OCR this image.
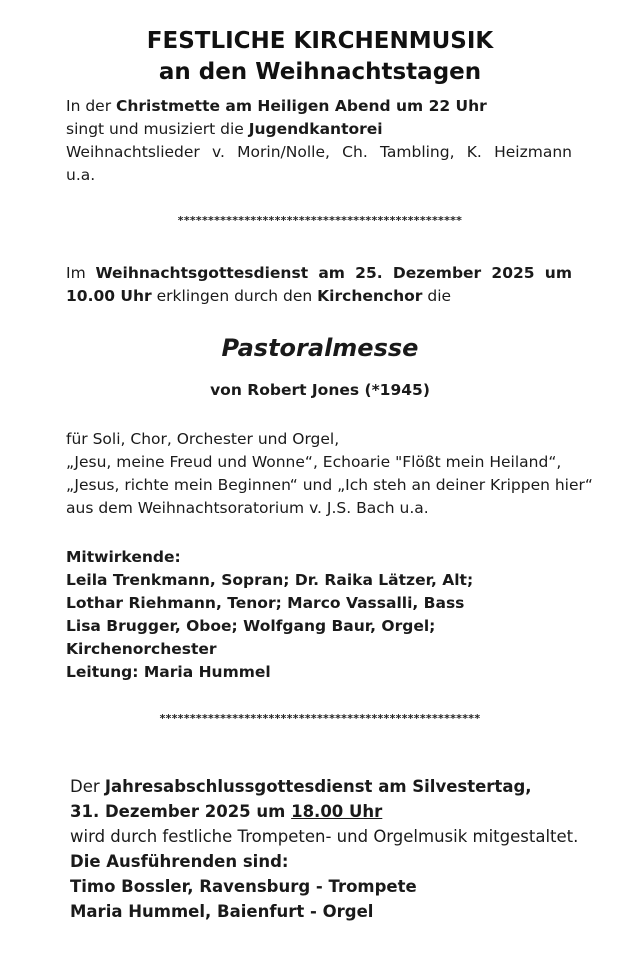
FESTLICHE KIRCHENMUSIK
an den Weihnachtstagen
In der Christmette am Heiligen Abend um 22 Uhr
singt und musiziert die Jugendkantorei
Weihnachtslieder v. Morin/Nolle, Ch. Tambling, K. Heizmann
u.a.
***********************************************
Im Weihnachtsgottesdienst am 25. Dezember 2025 um
10.00 Uhr erklingen durch den Kirchenchor die
Pastoralmesse
von Robert Jones (*1945)
für Soli, Chor, Orchester und Orgel,
„Jesu, meine Freud und Wonne“, Echoarie "Flößt mein Heiland“,
„Jesus, richte mein Beginnen“ und „Ich steh an deiner Krippen hier“
aus dem Weihnachtsoratorium v. J.S. Bach u.a.
Mitwirkende:
Leila Trenkmann, Sopran; Dr. Raika Lätzer, Alt;
Lothar Riehmann, Tenor; Marco Vassalli, Bass
Lisa Brugger, Oboe; Wolfgang Baur, Orgel;
Kirchenorchester
Leitung: Maria Hummel
*****************************************************
Der Jahresabschlussgottesdienst am Silvestertag,
31. Dezember 2025 um 18.00 Uhr
wird durch festliche Trompeten- und Orgelmusik mitgestaltet.
Die Ausführenden sind:
Timo Bossler, Ravensburg - Trompete
Maria Hummel, Baienfurt - Orgel
